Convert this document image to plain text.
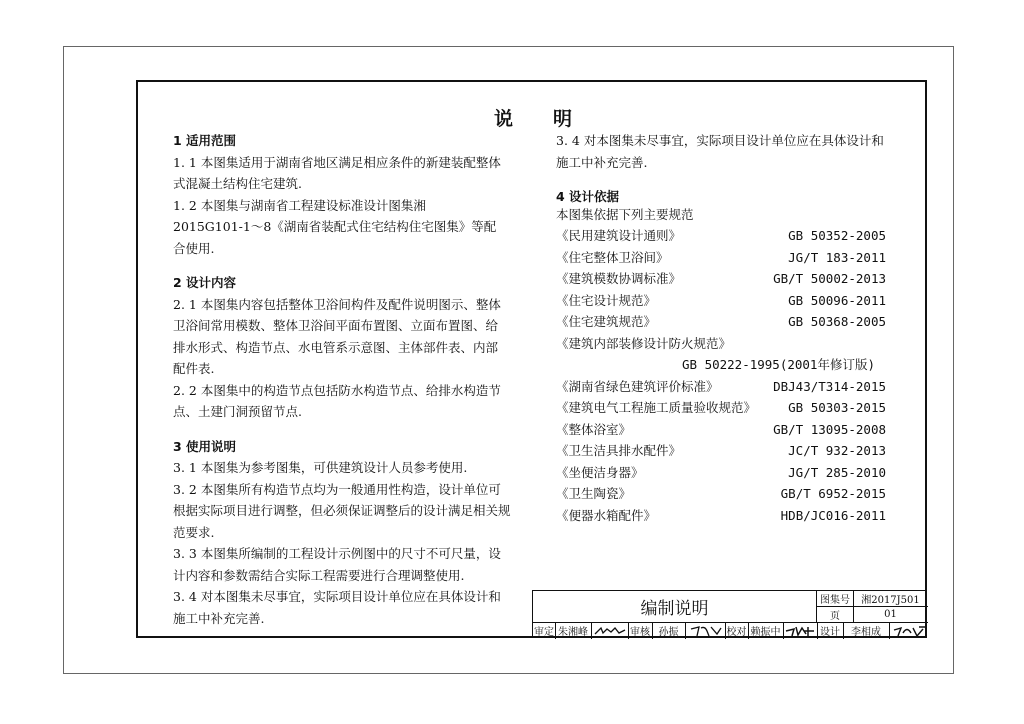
说 明
1 适用范围
1. 1 本图集适用于湖南省地区满足相应条件的新建装配整体
式混凝土结构住宅建筑.
1. 2 本图集与湖南省工程建设标准设计图集湘
2015G101-1～8《湖南省装配式住宅结构住宅图集》等配
合使用.
2 设计内容
2. 1 本图集内容包括整体卫浴间构件及配件说明图示、整体
卫浴间常用模数、整体卫浴间平面布置图、立面布置图、给
排水形式、构造节点、水电管系示意图、主体部件表、内部
配件表.
2. 2 本图集中的构造节点包括防水构造节点、给排水构造节
点、土建门洞预留节点.
3 使用说明
3. 1 本图集为参考图集，可供建筑设计人员参考使用.
3. 2 本图集所有构造节点均为一般通用性构造，设计单位可
根据实际项目进行调整，但必须保证调整后的设计满足相关规
范要求.
3. 3 本图集所编制的工程设计示例图中的尺寸不可尺量，设
计内容和参数需结合实际工程需要进行合理调整使用.
3. 4 对本图集未尽事宜，实际项目设计单位应在具体设计和
施工中补充完善.
3. 4 对本图集未尽事宜，实际项目设计单位应在具体设计和
施工中补充完善.
4 设计依据
本图集依据下列主要规范
《民用建筑设计通则》	GB 50352-2005
《住宅整体卫浴间》	JG/T 183-2011
《建筑模数协调标准》	GB/T 50002-2013
《住宅设计规范》	GB 50096-2011
《住宅建筑规范》	GB 50368-2005
《建筑内部装修设计防火规范》
GB 50222-1995(2001年修订版)
《湖南省绿色建筑评价标准》	DBJ43/T314-2015
《建筑电气工程施工质量验收规范》	GB 50303-2015
《整体浴室》	GB/T 13095-2008
《卫生洁具排水配件》	JC/T 932-2013
《坐便洁身器》	JG/T 285-2010
《卫生陶瓷》	GB/T 6952-2015
《便器水箱配件》	HDB/JC016-2011
编制说明	图集号	湘2017J501
页	01
审定 朱湘峰	审核 孙振	校对 赖振中	设计	李相成
